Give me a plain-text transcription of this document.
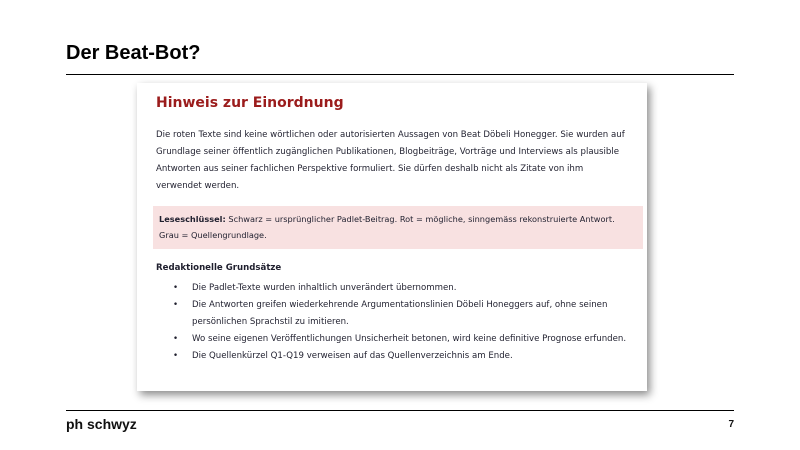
Der Beat-Bot?
Hinweis zur Einordnung

Die roten Texte sind keine wörtlichen oder autorisierten Aussagen von Beat Döbeli Honegger. Sie wurden auf Grundlage seiner öffentlich zugänglichen Publikationen, Blogbeiträge, Vorträge und Interviews als plausible Antworten aus seiner fachlichen Perspektive formuliert. Sie dürfen deshalb nicht als Zitate von ihm verwendet werden.

Leseschlüssel: Schwarz = ursprünglicher Padlet-Beitrag. Rot = mögliche, sinngemäss rekonstruierte Antwort. Grau = Quellengrundlage.
Redaktionelle Grundsätze
• Die Padlet-Texte wurden inhaltlich unverändert übernommen.
• Die Antworten greifen wiederkehrende Argumentationslinien Döbeli Honeggers auf, ohne seinen persönlichen Sprachstil zu imitieren.
• Wo seine eigenen Veröffentlichungen Unsicherheit betonen, wird keine definitive Prognose erfunden.
• Die Quellenkürzel Q1-Q19 verweisen auf das Quellenverzeichnis am Ende.
ph schwyz	7
